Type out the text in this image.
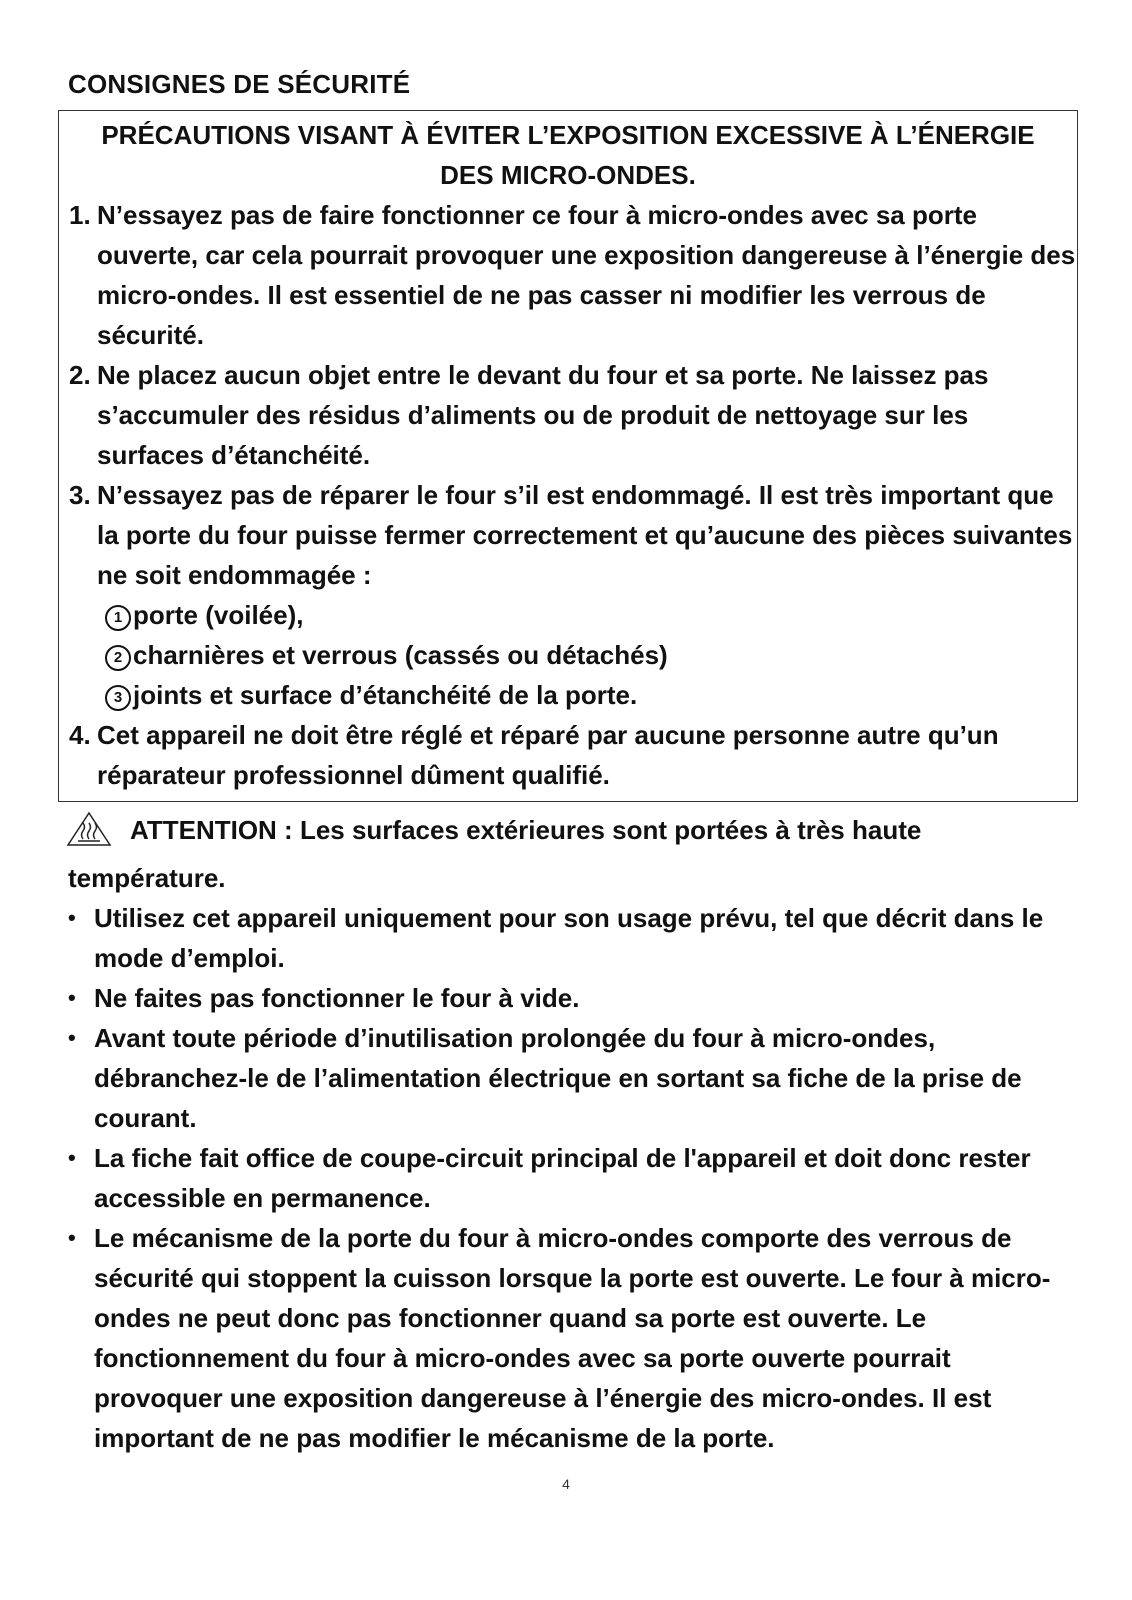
CONSIGNES DE SÉCURITÉ
PRÉCAUTIONS VISANT À ÉVITER L’EXPOSITION EXCESSIVE À L’ÉNERGIE
DES MICRO-ONDES.
1. N’essayez pas de faire fonctionner ce four à micro-ondes avec sa porte ouverte, car cela pourrait provoquer une exposition dangereuse à l’énergie des micro-ondes. Il est essentiel de ne pas casser ni modifier les verrous de sécurité.
2. Ne placez aucun objet entre le devant du four et sa porte. Ne laissez pas s’accumuler des résidus d’aliments ou de produit de nettoyage sur les surfaces d’étanchéité.
3. N’essayez pas de réparer le four s’il est endommagé. Il est très important que la porte du four puisse fermer correctement et qu’aucune des pièces suivantes ne soit endommagée :
1 porte (voilée),
2 charnières et verrous (cassés ou détachés)
3 joints et surface d’étanchéité de la porte.
4. Cet appareil ne doit être réglé et réparé par aucune personne autre qu’un réparateur professionnel dûment qualifié.
ATTENTION : Les surfaces extérieures sont portées à très haute température.
• Utilisez cet appareil uniquement pour son usage prévu, tel que décrit dans le mode d’emploi.
• Ne faites pas fonctionner le four à vide.
• Avant toute période d’inutilisation prolongée du four à micro-ondes, débranchez-le de l’alimentation électrique en sortant sa fiche de la prise de courant.
• La fiche fait office de coupe-circuit principal de l'appareil et doit donc rester accessible en permanence.
• Le mécanisme de la porte du four à micro-ondes comporte des verrous de sécurité qui stoppent la cuisson lorsque la porte est ouverte. Le four à micro-ondes ne peut donc pas fonctionner quand sa porte est ouverte. Le fonctionnement du four à micro-ondes avec sa porte ouverte pourrait provoquer une exposition dangereuse à l’énergie des micro-ondes. Il est important de ne pas modifier le mécanisme de la porte.
4
